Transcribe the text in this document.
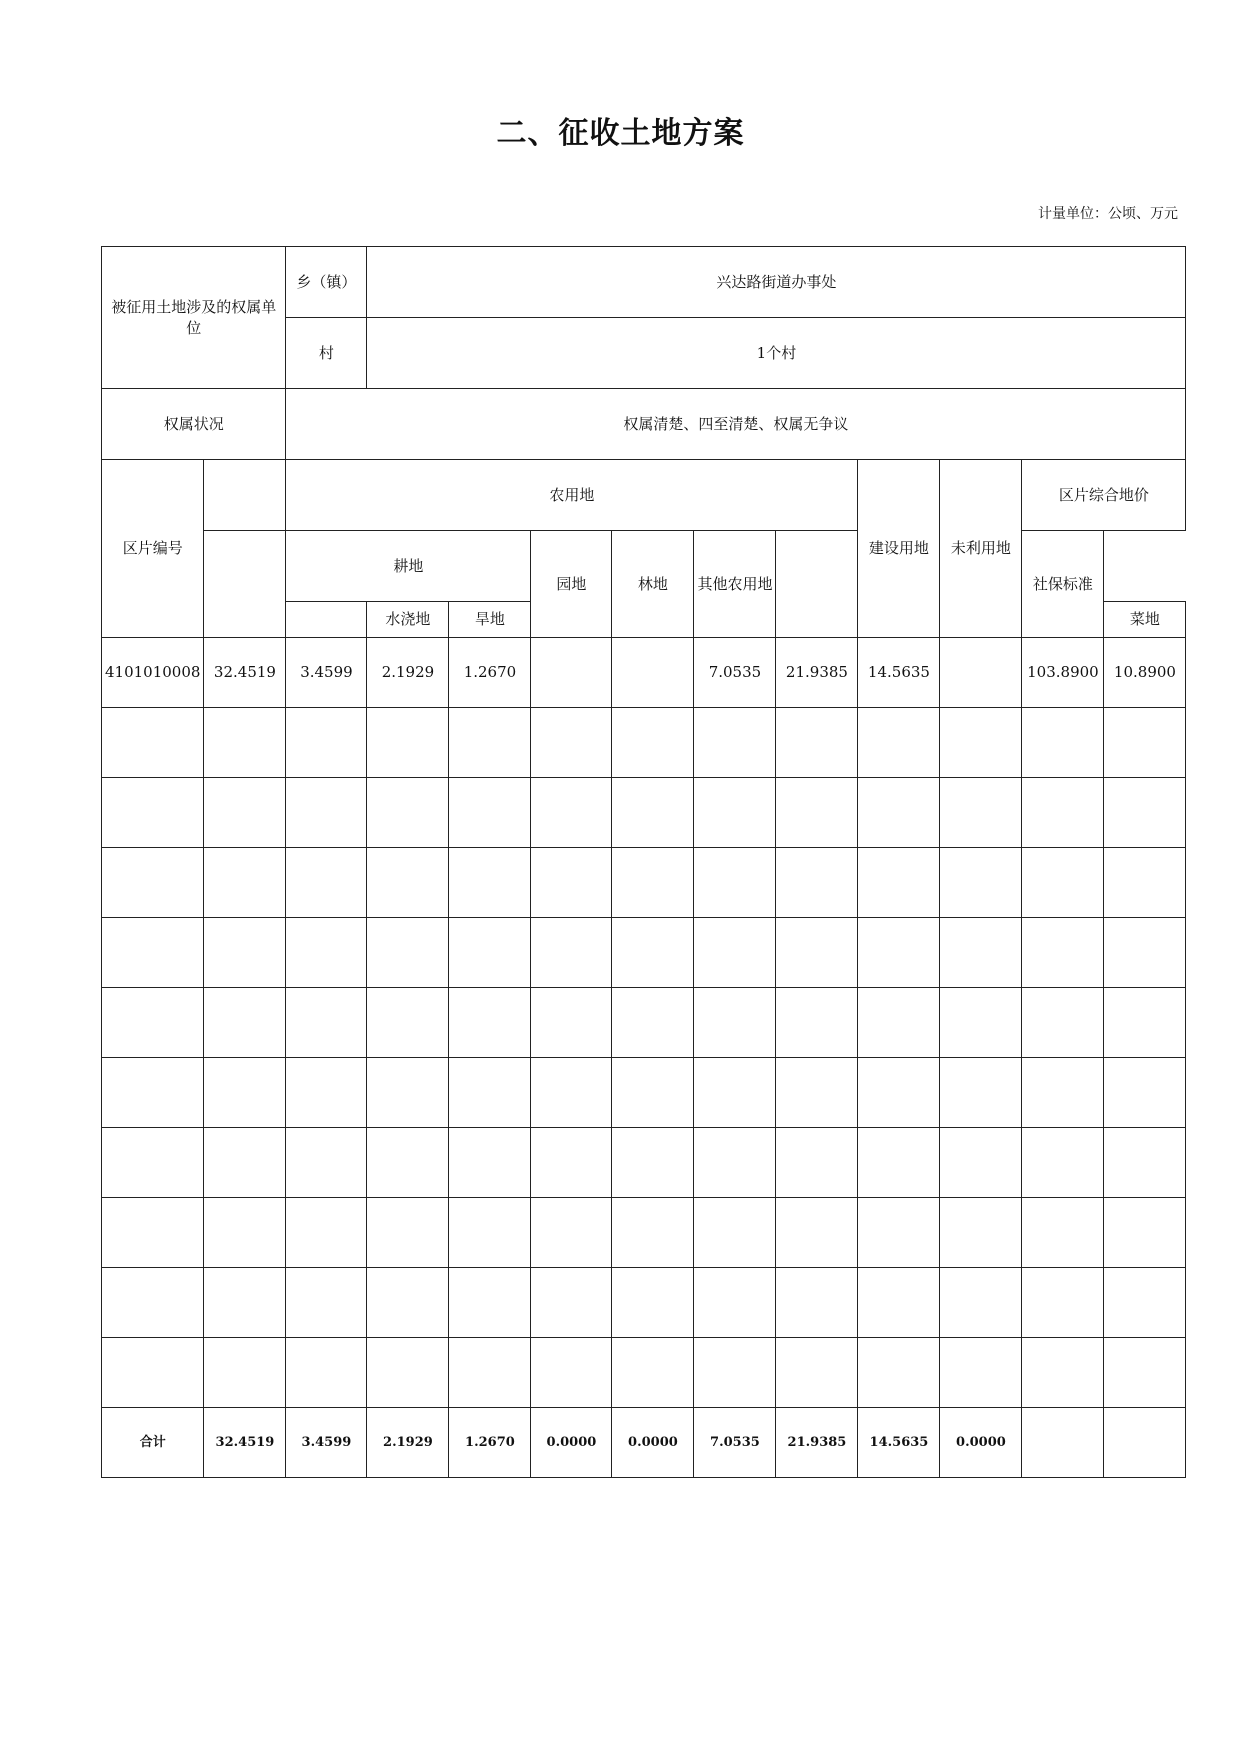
二、征收土地方案
计量单位：公顷、万元
被征用土地涉及的权属单位		乡（镇）	兴达路街道办事处									
		村	1个村									
权属状况		权属清楚、四至清楚、权属无争议										
区片编号		农用地							建设用地	未利用地	区片综合地价	
		耕地			园地	林地	其他农用地				社保标准	
			水浇地	旱地								菜地

4101010008	32.4519	3.4599	2.1929	1.2670			7.0535	21.9385	14.5635		103.8900	10.8900

合计	32.4519	3.4599	2.1929	1.2670	0.0000	0.0000	7.0535	21.9385	14.5635	0.0000		
